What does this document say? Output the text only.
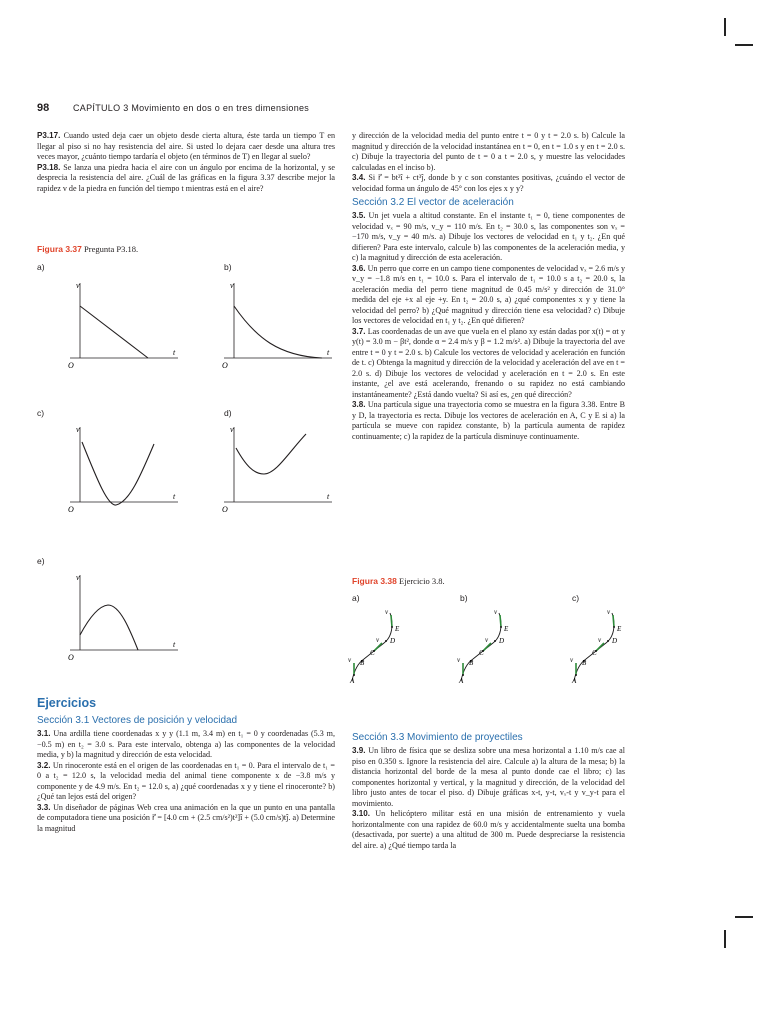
98	CAPÍTULO 3 Movimiento en dos o en tres dimensiones

P3.17. Cuando usted deja caer un objeto desde cierta altura, éste tarda un tiempo T en llegar al piso si no hay resistencia del aire. Si usted lo dejara caer desde una altura tres veces mayor, ¿cuánto tiempo tardaría el objeto (en términos de T) en llegar al suelo?

P3.18. Se lanza una piedra hacia el aire con un ángulo por encima de la horizontal, y se desprecia la resistencia del aire. ¿Cuál de las gráficas en la figura 3.37 describe mejor la rapidez v de la piedra en función del tiempo t mientras está en el aire?

Figura 3.37 Pregunta P3.18.
a)	b)
c)	d)
e)
v
t
O
v
t
O
v
t
O
v
t
O
v
t
O
Ejercicios
Sección 3.1 Vectores de posición y velocidad

3.1. Una ardilla tiene coordenadas x y y (1.1 m, 3.4 m) en t₁ = 0 y coordenadas (5.3 m, −0.5 m) en t₂ = 3.0 s. Para este intervalo, obtenga a) las componentes de la velocidad media, y b) la magnitud y dirección de esta velocidad.

3.2. Un rinoceronte está en el origen de las coordenadas en t₁ = 0. Para el intervalo de t₁ = 0 a t₂ = 12.0 s, la velocidad media del animal tiene componente x de −3.8 m/s y componente y de 4.9 m/s. En t₂ = 12.0 s, a) ¿qué coordenadas x y y tiene el rinoceronte? b) ¿Qué tan lejos está del origen?

3.3. Un diseñador de páginas Web crea una animación en la que un punto en una pantalla de computadora tiene una posición r⃗ = [4.0 cm + (2.5 cm/s²)t²]î + (5.0 cm/s)tĵ. a) Determine la magnitud

y dirección de la velocidad media del punto entre t = 0 y t = 2.0 s. b) Calcule la magnitud y dirección de la velocidad instantánea en t = 0, en t = 1.0 s y en t = 2.0 s. c) Dibuje la trayectoria del punto de t = 0 a t = 2.0 s, y muestre las velocidades calculadas en el inciso b).

3.4. Si r⃗ = bt²î + ct³ĵ, donde b y c son constantes positivas, ¿cuándo el vector de velocidad forma un ángulo de 45° con los ejes x y y?

Sección 3.2 El vector de aceleración

3.5. Un jet vuela a altitud constante. En el instante t₁ = 0, tiene componentes de velocidad vₓ = 90 m/s, v_y = 110 m/s. En t₂ = 30.0 s, las componentes son vₓ = −170 m/s, v_y = 40 m/s. a) Dibuje los vectores de velocidad en t₁ y t₂. ¿En qué difieren? Para este intervalo, calcule b) las componentes de la aceleración media, y c) la magnitud y dirección de esta aceleración.

3.6. Un perro que corre en un campo tiene componentes de velocidad vₓ = 2.6 m/s y v_y = −1.8 m/s en t₁ = 10.0 s. Para el intervalo de t₁ = 10.0 s a t₂ = 20.0 s, la aceleración media del perro tiene magnitud de 0.45 m/s² y dirección de 31.0° medida del eje +x al eje +y. En t₂ = 20.0 s, a) ¿qué componentes x y y tiene la velocidad del perro? b) ¿Qué magnitud y dirección tiene esa velocidad? c) Dibuje los vectores de velocidad en t₁ y t₂. ¿En qué difieren?

3.7. Las coordenadas de un ave que vuela en el plano xy están dadas por x(t) = αt y y(t) = 3.0 m − βt², donde α = 2.4 m/s y β = 1.2 m/s². a) Dibuje la trayectoria del ave entre t = 0 y t = 2.0 s. b) Calcule los vectores de velocidad y aceleración en función de t. c) Obtenga la magnitud y dirección de la velocidad y aceleración del ave en t = 2.0 s. d) Dibuje los vectores de velocidad y aceleración en t = 2.0 s. En este instante, ¿el ave está acelerando, frenando o su rapidez no está cambiando instantáneamente? ¿Está dando vuelta? Si así es, ¿en qué dirección?

3.8. Una partícula sigue una trayectoria como se muestra en la figura 3.38. Entre B y D, la trayectoria es recta. Dibuje los vectores de aceleración en A, C y E si a) la partícula se mueve con rapidez constante, b) la partícula aumenta de rapidez continuamente; c) la rapidez de la partícula disminuye continuamente.

Figura 3.38 Ejercicio 3.8.
a)	b)	c)
v⃗
v⃗
v⃗
A
B
C
D
E
v⃗
v⃗
v⃗
A
B
C
D
E
v⃗
v⃗
v⃗
A
B
C
D
E
Sección 3.3 Movimiento de proyectiles

3.9. Un libro de física que se desliza sobre una mesa horizontal a 1.10 m/s cae al piso en 0.350 s. Ignore la resistencia del aire. Calcule a) la altura de la mesa; b) la distancia horizontal del borde de la mesa al punto donde cae el libro; c) las componentes horizontal y vertical, y la magnitud y dirección, de la velocidad del libro justo antes de tocar el piso. d) Dibuje gráficas x-t, y-t, vₓ-t y v_y-t para el movimiento.

3.10. Un helicóptero militar está en una misión de entrenamiento y vuela horizontalmente con una rapidez de 60.0 m/s y accidentalmente suelta una bomba (desactivada, por suerte) a una altitud de 300 m. Puede despreciarse la resistencia del aire. a) ¿Qué tiempo tarda la
